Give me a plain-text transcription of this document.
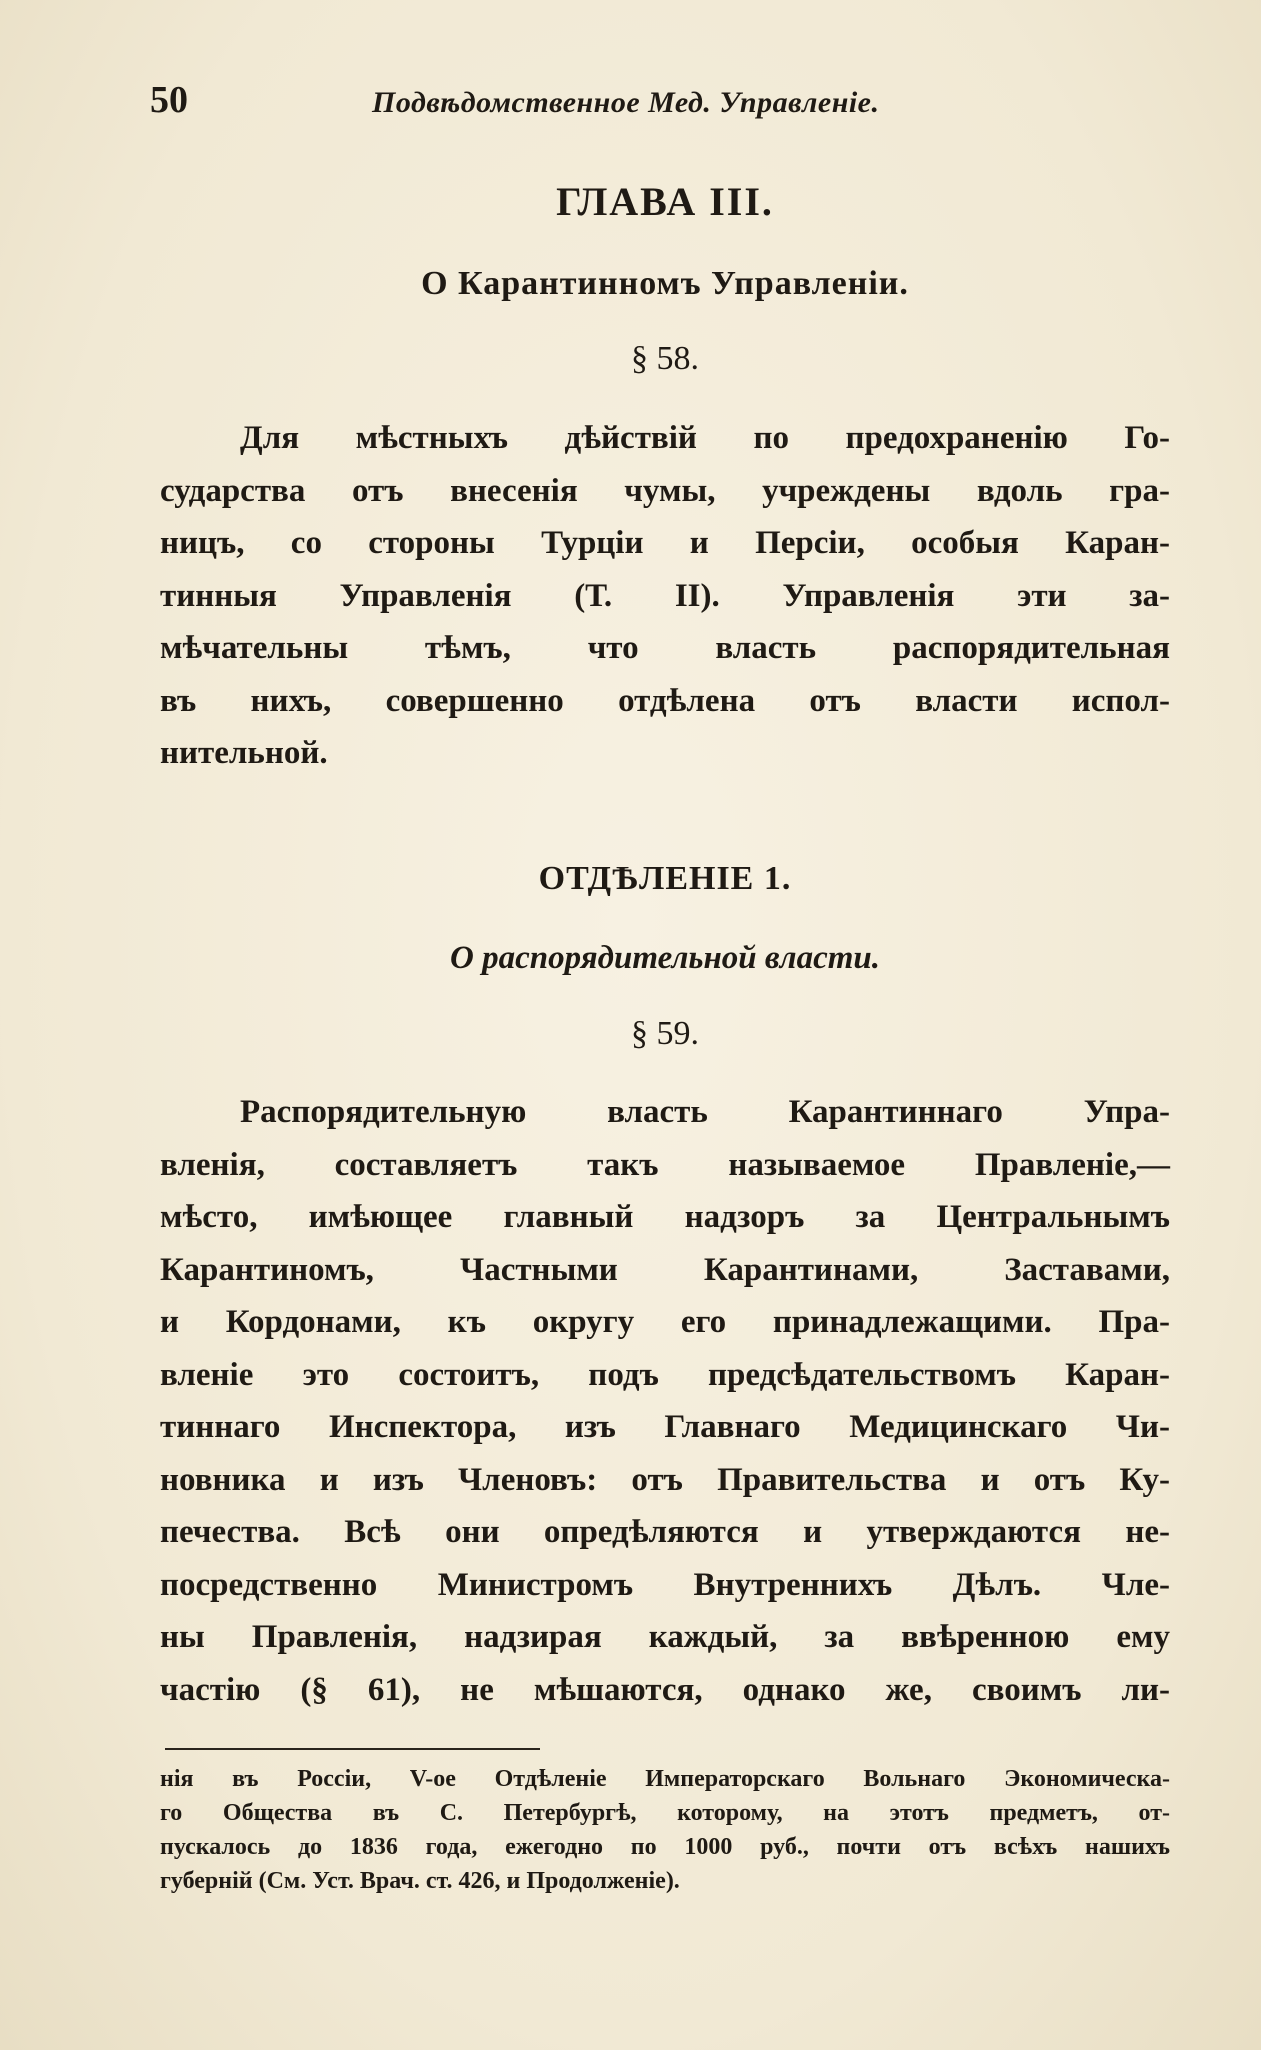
50	Подвѣдомственное Мед. Управленіе.
ГЛАВА III.
О Карантинномъ Управленіи.
§ 58.
Для мѣстныхъ дѣйствій по предохраненію Го-
сударства отъ внесенія чумы, учреждены вдоль гра-
ницъ, со стороны Турціи и Персіи, особыя Каран-
тинныя Управленія (Т. II). Управленія эти за-
мѣчательны тѣмъ, что власть распорядительная
въ нихъ, совершенно отдѣлена отъ власти испол-
нительной.
ОТДѢЛЕНІЕ 1.
О распорядительной власти.
§ 59.
Распорядительную власть Карантиннаго Упра-
вленія, составляетъ такъ называемое Правленіе,—
мѣсто, имѣющее главный надзоръ за Центральнымъ
Карантиномъ, Частными Карантинами, Заставами,
и Кордонами, къ округу его принадлежащими. Пра-
вленіе это состоитъ, подъ предсѣдательствомъ Каран-
тиннаго Инспектора, изъ Главнаго Медицинскаго Чи-
новника и изъ Членовъ: отъ Правительства и отъ Ку-
печества. Всѣ они опредѣляются и утверждаются не-
посредственно Министромъ Внутреннихъ Дѣлъ. Чле-
ны Правленія, надзирая каждый, за ввѣренною ему
частію (§ 61), не мѣшаются, однако же, своимъ ли-
нія въ Россіи, V-ое Отдѣленіе Императорскаго Вольнаго Экономическа-
го Общества въ С. Петербургѣ, которому, на этотъ предметъ, от-
пускалось до 1836 года, ежегодно по 1000 руб., почти отъ всѣхъ нашихъ
губерній (См. Уст. Врач. ст. 426, и Продолженіе).
